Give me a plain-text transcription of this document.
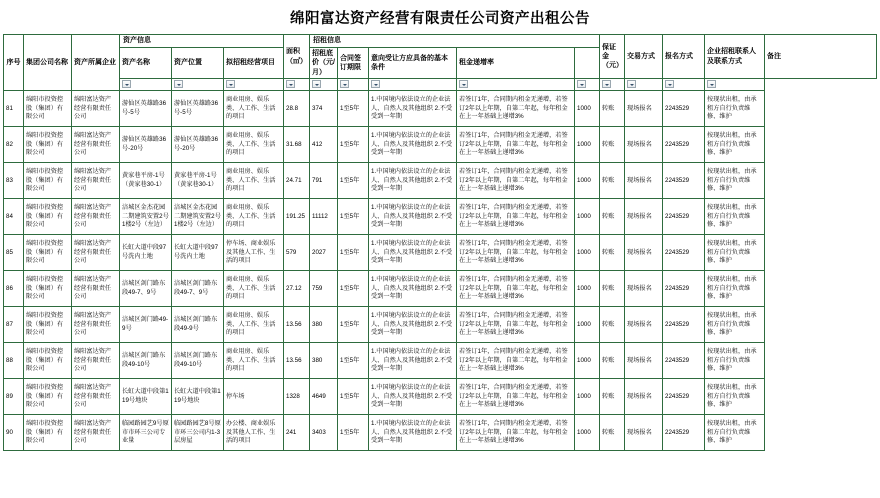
绵阳富达资产经营有限责任公司资产出租公告
序号	集团公司名称	资产所属企业	资产信息			面积（㎡）	招租信息					保证金（元）	交易方式	报名方式	企业招租联系人及联系方式	备注
			资产名称	资产位置	拟招租经营项目		招租底价（元/月）	合同签订期限	意向受让方应具备的基本条件	租金递增率						

81	绵阳市投资控股（集团）有限公司	绵阳富达资产经营有限责任公司	游仙区英雄路36号-5号	游仙区英雄路36号-5号	商业用房、娱乐类、人工作、生活的项目	28.8	374	1至5年	1.中国境内依法设立的企业法人、自然人及其他组织 2.不受受到一年期	若签订1年，合同期内租金无递增，若签订2年以上年期，自第二年起，每年租金在上一年基础上递增3%	1000	转账	现场报名	2243529	按现状出租，由承租方自行负责维修、维护	
82	绵阳市投资控股（集团）有限公司	绵阳富达资产经营有限责任公司	游仙区英雄路36号-20号	游仙区英雄路36号-20号	商业用房、娱乐类、人工作、生活的项目	31.68	412	1至5年	1.中国境内依法设立的企业法人、自然人及其他组织 2.不受受到一年期	若签订1年，合同期内租金无递增，若签订2年以上年期，自第二年起，每年租金在上一年基础上递增3%	1000	转账	现场报名	2243529	按现状出租，由承租方自行负责维修、维护	
83	绵阳市投资控股（集团）有限公司	绵阳富达资产经营有限责任公司	黄家巷平房-1号（黄家巷30-1）	黄家巷平房-1号（黄家巷30-1）	商业用房、娱乐类、人工作、生活的项目	24.71	791	1至5年	1.中国境内依法设立的企业法人、自然人及其他组织 2.不受受到一年期	若签订1年，合同期内租金无递增，若签订2年以上年期，自第二年起，每年租金在上一年基础上递增3%	1000	转账	现场报名	2243529	按现状出租，由承租方自行负责维修、维护	
84	绵阳市投资控股（集团）有限公司	绵阳富达资产经营有限责任公司	涪城区金杰花园二期建筑安置2号1楼2号（左边）	涪城区金杰花园二期建筑安置2号1楼2号（左边）	商业用房、娱乐类、人工作、生活的项目	191.25	11112	1至5年	1.中国境内依法设立的企业法人、自然人及其他组织 2.不受受到一年期	若签订1年，合同期内租金无递增，若签订2年以上年期，自第二年起，每年租金在上一年基础上递增3%	1000	转账	现场报名	2243529	按现状出租，由承租方自行负责维修、维护	
85	绵阳市投资控股（集团）有限公司	绵阳富达资产经营有限责任公司	长虹大道中段97号洗内土地	长虹大道中段97号洗内土地	停车场、商业娱乐及其他人工作、生活的项目	579	2027	1至5年	1.中国境内依法设立的企业法人、自然人及其他组织 2.不受受到一年期	若签订1年，合同期内租金无递增，若签订2年以上年期，自第二年起，每年租金在上一年基础上递增3%	1000	转账	现场报名	2243529	按现状出租，由承租方自行负责维修、维护	
86	绵阳市投资控股（集团）有限公司	绵阳富达资产经营有限责任公司	涪城区剑门路东段49-7、9号	涪城区剑门路东段49-7、9号	商业用房、娱乐类、人工作、生活的项目	27.12	759	1至5年	1.中国境内依法设立的企业法人、自然人及其他组织 2.不受受到一年期	若签订1年，合同期内租金无递增，若签订2年以上年期，自第二年起，每年租金在上一年基础上递增3%	1000	转账	现场报名	2243529	按现状出租，由承租方自行负责维修、维护	
87	绵阳市投资控股（集团）有限公司	绵阳富达资产经营有限责任公司	涪城区剑门路49-9号	涪城区剑门路东段49-9号	商业用房、娱乐类、人工作、生活的项目	13.56	380	1至5年	1.中国境内依法设立的企业法人、自然人及其他组织 2.不受受到一年期	若签订1年，合同期内租金无递增，若签订2年以上年期，自第二年起，每年租金在上一年基础上递增3%	1000	转账	现场报名	2243529	按现状出租，由承租方自行负责维修、维护	
88	绵阳市投资控股（集团）有限公司	绵阳富达资产经营有限责任公司	涪城区剑门路东段49-10号	涪城区剑门路东段49-10号	商业用房、娱乐类、人工作、生活的项目	13.56	380	1至5年	1.中国境内依法设立的企业法人、自然人及其他组织 2.不受受到一年期	若签订1年，合同期内租金无递增，若签订2年以上年期，自第二年起，每年租金在上一年基础上递增3%	1000	转账	现场报名	2243529	按现状出租，由承租方自行负责维修、维护	
89	绵阳市投资控股（集团）有限公司	绵阳富达资产经营有限责任公司	长虹大道中段第119号地块	长虹大道中段第119号地块	停车场	1328	4649	1至5年	1.中国境内依法设立的企业法人、自然人及其他组织 2.不受受到一年期	若签订1年，合同期内租金无递增，若签订2年以上年期，自第二年起，每年租金在上一年基础上递增3%	1000	转账	现场报名	2243529	按现状出租，由承租方自行负责维修、维护	
90	绵阳市投资控股（集团）有限公司	绵阳富达资产经营有限责任公司	临园路园艺9号原市市环三公司专业量	临园路园艺8号原市环三公司内1-3层房屋	办公楼、商业娱乐及其他人工作、生活的项目	241	3403	1至5年	1.中国境内依法设立的企业法人、自然人及其他组织 2.不受受到一年期	若签订1年，合同期内租金无递增，若签订2年以上年期，自第二年起，每年租金在上一年基础上递增3%	1000	转账	现场报名	2243529	按现状出租，由承租方自行负责维修、维护	
